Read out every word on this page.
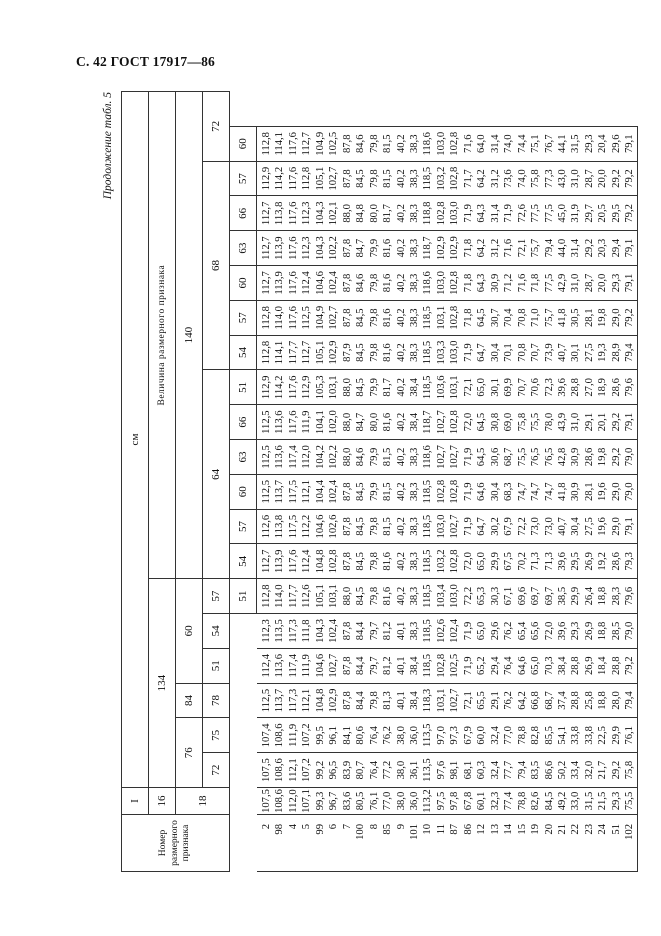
С. 42 ГОСТ 17917—86
Продолжение табл. 5
Номер размерного признака	I	см																		
	16	134						Величина размерного признака												
	18	76		84	60			140												
		72	75	78	51	54	57	64						68						72
							51	54	57	60	63	66	51	54	57	60	63	66	57	60
2	107,5	107,5	107,4	112,5	112,4	112,3	112,8	112,7	112,6	112,5	112,5	112,5	112,9	112,8	112,8	112,7	112,7	112,7	112,9	112,8
98	108,6	108,6	108,6	113,7	113,6	113,5	114,0	113,9	113,8	113,7	113,6	113,6	114,2	114,1	114,0	113,9	113,9	113,8	114,2	114,1
4	112,0	112,1	111,9	117,3	117,4	117,3	117,7	117,6	117,5	117,5	117,4	117,6	117,6	117,7	117,6	117,6	117,6	117,6	117,6	117,6
5	107,1	107,2	107,2	112,1	111,9	111,8	112,6	112,4	112,2	112,1	112,0	111,9	112,9	112,7	112,5	112,4	112,3	112,3	112,8	112,7
99	99,3	99,2	99,5	104,8	104,6	104,3	105,1	104,8	104,6	104,4	104,2	104,1	105,3	105,1	104,9	104,6	104,3	104,3	105,1	104,9
6	96,7	96,5	96,1	102,9	102,7	102,4	103,1	102,8	102,6	102,4	102,2	102,0	103,1	102,9	102,7	102,4	102,2	102,1	102,7	102,5
7	83,6	83,9	84,1	87,8	87,8	87,8	88,0	87,8	87,8	87,8	88,0	88,0	88,0	87,9	87,8	87,8	87,8	88,0	87,8	87,8
100	80,5	80,7	80,6	84,4	84,4	84,4	84,5	84,5	84,5	84,5	84,6	84,7	84,5	84,5	84,5	84,6	84,7	84,8	84,5	84,6
8	76,1	76,4	76,4	79,8	79,7	79,7	79,8	79,8	79,8	79,9	79,9	80,0	79,9	79,8	79,8	79,8	79,9	80,0	79,8	79,8
85	77,0	77,2	76,2	81,3	81,2	81,2	81,6	81,6	81,5	81,5	81,5	81,6	81,7	81,6	81,6	81,6	81,6	81,7	81,5	81,5
9	38,0	38,0	38,0	40,1	40,1	40,1	40,2	40,2	40,2	40,2	40,2	40,2	40,2	40,2	40,2	40,2	40,2	40,2	40,2	40,2
101	36,0	36,1	36,0	38,4	38,4	38,3	38,3	38,3	38,3	38,3	38,3	38,4	38,4	38,3	38,3	38,3	38,3	38,3	38,3	38,3
10	113,2	113,5	113,5	118,3	118,5	118,5	118,5	118,5	118,5	118,5	118,6	118,7	118,5	118,5	118,5	118,6	118,7	118,8	118,5	118,6
11	97,5	97,6	97,0	103,1	102,8	102,6	103,4	103,2	103,0	102,8	102,7	102,7	103,6	103,3	103,1	103,0	102,9	102,8	103,2	103,0
87	97,8	98,1	97,3	102,7	102,5	102,4	103,0	102,8	102,7	102,8	102,7	102,8	103,1	103,0	102,8	102,8	102,9	103,0	102,8	102,8
86	67,8	68,1	67,9	72,1	71,9	71,9	72,2	72,0	71,9	71,9	71,9	72,0	72,1	71,9	71,8	71,8	71,8	71,9	71,7	71,6
12	60,1	60,3	60,0	65,5	65,2	65,0	65,3	65,0	64,7	64,6	64,5	64,5	65,0	64,7	64,5	64,3	64,2	64,3	64,2	64,0
13	32,3	32,4	32,4	29,1	29,4	29,6	30,3	29,9	30,2	30,4	30,6	30,8	30,1	30,4	30,7	30,9	31,2	31,4	31,2	31,4
14	77,4	77,7	77,0	76,2	76,4	76,2	67,1	67,5	67,9	68,3	68,7	69,0	69,9	70,1	70,4	71,2	71,6	71,9	73,6	74,0
15	78,8	79,4	78,8	64,2	64,6	65,4	69,6	70,2	72,2	74,7	75,5	75,8	70,7	70,8	70,8	71,6	72,1	72,6	74,0	74,4
19	82,6	83,5	82,8	66,8	65,0	65,6	69,7	71,3	73,0	74,7	76,5	75,5	70,6	70,7	71,0	71,8	75,7	77,5	75,8	75,1
20	84,5	86,6	85,5	68,7	70,3	72,0	69,7	71,3	73,0	74,7	76,5	78,0	72,3	73,9	75,7	77,5	79,4	77,5	77,3	76,7
21	49,2	50,2	54,1	37,4	38,4	39,6	38,5	39,6	40,7	41,8	42,8	43,9	39,6	40,7	41,8	42,9	44,0	45,0	43,0	44,1
22	33,0	33,4	33,8	28,8	28,8	29,3	29,9	29,5	30,4	30,9	30,9	31,0	28,8	30,1	30,5	31,0	31,4	31,9	31,0	31,5
23	31,5	32,0	33,8	25,8	26,9	26,9	26,4	26,9	27,5	28,1	28,6	29,1	27,0	27,5	28,1	28,7	29,2	29,7	28,7	29,3
24	21,5	21,7	22,5	18,8	18,4	18,8	18,8	19,2	19,6	19,6	19,8	20,1	18,9	19,3	19,8	20,0	20,3	20,5	20,0	20,4
51	29,3	29,2	29,9	28,0	28,8	28,5	28,3	28,6	29,0	29,0	29,2	29,2	28,6	28,9	29,0	29,3	29,4	29,5	29,2	29,6
102	75,5	75,8	76,1	79,4	79,2	79,0	79,6	79,3	79,1	79,0	79,0	79,1	79,6	79,4	79,2	79,1	79,1	79,2	79,2	79,1
